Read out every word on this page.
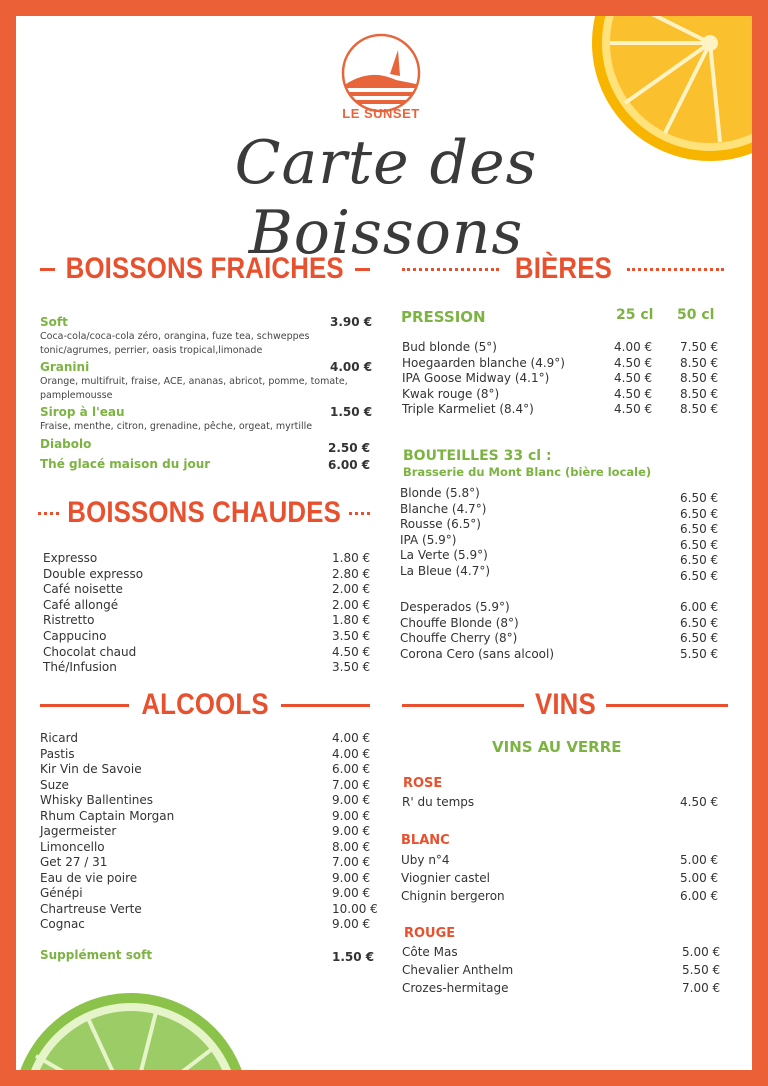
LE SUNSET
Carte des Boissons
BOISSONS FRAICHES
Soft	3.90 €
Coca-cola/coca-cola zéro, orangina, fuze tea, schweppes tonic/agrumes, perrier, oasis tropical,limonade
Granini	4.00 €
Orange, multifruit, fraise, ACE, ananas, abricot, pomme, tomate, pamplemousse
Sirop à l'eau	1.50 €
Fraise, menthe, citron, grenadine, pêche, orgeat, myrtille
Diabolo	2.50 €
Thé glacé maison du jour	6.00 €
BOISSONS CHAUDES
Expresso	1.80 €
Double expresso	2.80 €
Café noisette	2.00 €
Café allongé	2.00 €
Ristretto	1.80 €
Cappucino	3.50 €
Chocolat chaud	4.50 €
Thé/Infusion	3.50 €
ALCOOLS
Ricard	4.00 €
Pastis	4.00 €
Kir Vin de Savoie	6.00 €
Suze	7.00 €
Whisky Ballentines	9.00 €
Rhum Captain Morgan	9.00 €
Jagermeister	9.00 €
Limoncello	8.00 €
Get 27 / 31	7.00 €
Eau de vie poire	9.00 €
Génépi	9.00 €
Chartreuse Verte	10.00 €
Cognac	9.00 €
Supplément soft	1.50 €
BIÈRES
PRESSION	25 cl 50 cl
Bud blonde (5°)	4.00 € 7.50 €
Hoegaarden blanche (4.9°)	4.50 € 8.50 €
IPA Goose Midway (4.1°)	4.50 € 8.50 €
Kwak rouge (8°)	4.50 € 8.50 €
Triple Karmeliet (8.4°)	4.50 € 8.50 €
BOUTEILLES 33 cl :
Brasserie du Mont Blanc (bière locale)
Blonde (5.8°)	6.50 €
Blanche (4.7°)	6.50 €
Rousse (6.5°)	6.50 €
IPA (5.9°)	6.50 €
La Verte (5.9°)	6.50 €
La Bleue (4.7°)	6.50 €
Desperados (5.9°)	6.00 €
Chouffe Blonde (8°)	6.50 €
Chouffe Cherry (8°)	6.50 €
Corona Cero (sans alcool)	5.50 €
VINS
VINS AU VERRE
ROSE
BLANC
ROUGE
R' du temps	4.50 €
Uby n°4	5.00 €
Viognier castel	5.00 €
Chignin bergeron	6.00 €
Côte Mas	5.00 €
Chevalier Anthelm	5.50 €
Crozes-hermitage	7.00 €
